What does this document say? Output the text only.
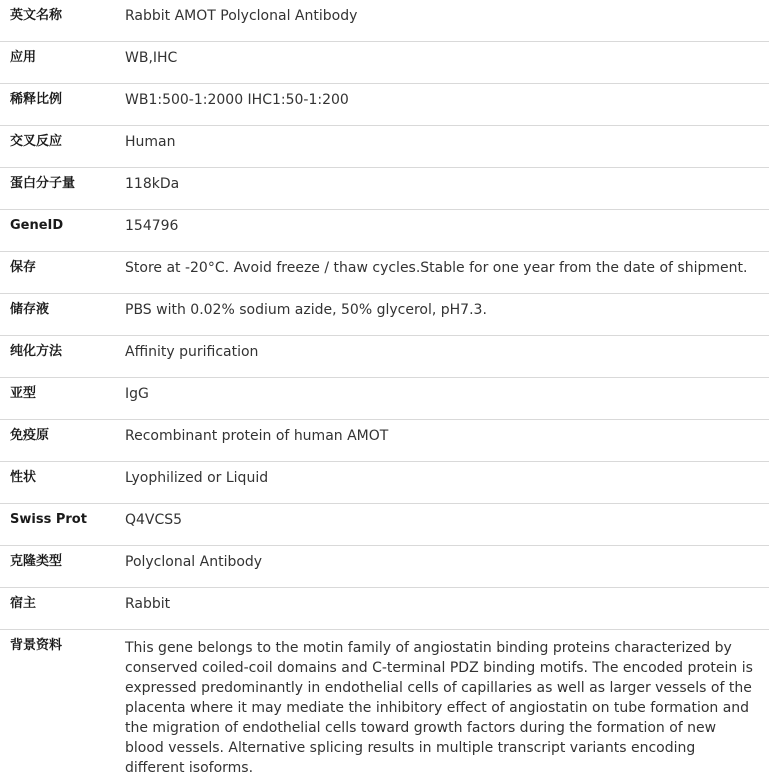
英文名称	Rabbit AMOT Polyclonal Antibody
应用	WB,IHC
稀释比例	WB1:500-1:2000 IHC1:50-1:200
交叉反应	Human
蛋白分子量	118kDa
GeneID	154796
保存	Store at -20°C. Avoid freeze / thaw cycles.Stable for one year from the date of shipment.
储存液	PBS with 0.02% sodium azide, 50% glycerol, pH7.3.
纯化方法	Affinity purification
亚型	IgG
免疫原	Recombinant protein of human AMOT
性状	Lyophilized or Liquid
Swiss Prot	Q4VCS5
克隆类型	Polyclonal Antibody
宿主	Rabbit
背景资料	This gene belongs to the motin family of angiostatin binding proteins characterized by conserved coiled-coil domains and C-terminal PDZ binding motifs. The encoded protein is expressed predominantly in endothelial cells of capillaries as well as larger vessels of the placenta where it may mediate the inhibitory effect of angiostatin on tube formation and the migration of endothelial cells toward growth factors during the formation of new blood vessels. Alternative splicing results in multiple transcript variants encoding different isoforms.
